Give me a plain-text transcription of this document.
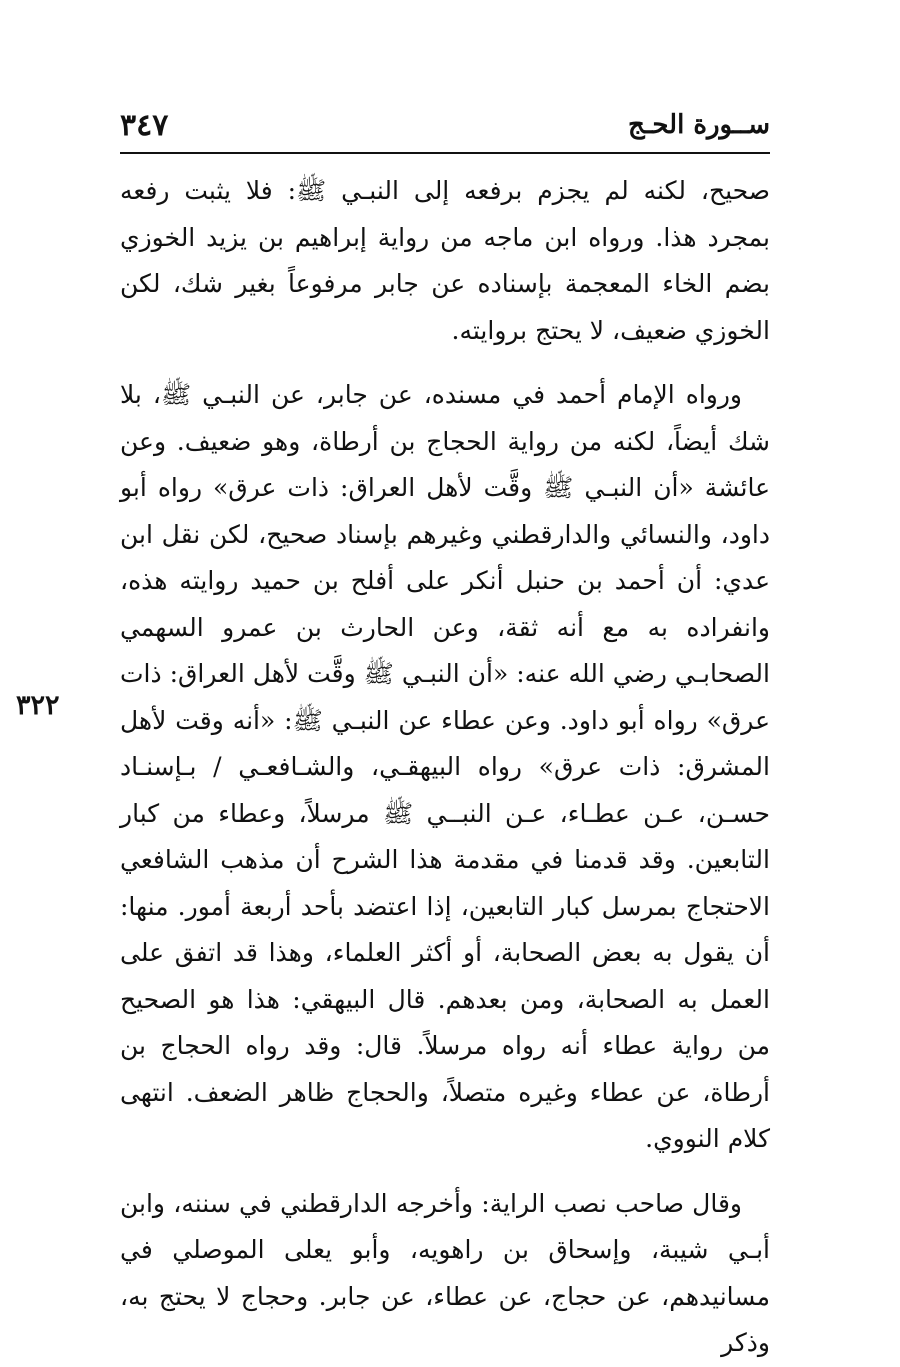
ســورة الحـج
٣٤٧
٣٢٢

صحيح، لكنه لم يجزم برفعه إلى النبـي ﷺ: فلا يثبت رفعه بمجرد هذا. ورواه ابن ماجه من رواية إبراهيم بن يزيد الخوزي بضم الخاء المعجمة بإسناده عن جابر مرفوعاً بغير شك، لكن الخوزي ضعيف، لا يحتج بروايته.

ورواه الإمام أحمد في مسنده، عن جابر، عن النبـي ﷺ، بلا شك أيضاً، لكنه من رواية الحجاج بن أرطاة، وهو ضعيف. وعن عائشة «أن النبـي ﷺ وقَّت لأهل العراق: ذات عرق» رواه أبو داود، والنسائي والدارقطني وغيرهم بإسناد صحيح، لكن نقل ابن عدي: أن أحمد بن حنبل أنكر على أفلح بن حميد روايته هذه، وانفراده به مع أنه ثقة، وعن الحارث بن عمرو السهمي الصحابـي رضي الله عنه: «أن النبـي ﷺ وقَّت لأهل العراق: ذات عرق» رواه أبو داود. وعن عطاء عن النبـي ﷺ: «أنه وقت لأهل المشرق: ذات عرق» رواه البيهقـي، والشـافعـي / بـإسنـاد حسـن، عـن عطـاء، عـن النبــي ﷺ مرسلاً، وعطاء من كبار التابعين. وقد قدمنا في مقدمة هذا الشرح أن مذهب الشافعي الاحتجاج بمرسل كبار التابعين، إذا اعتضد بأحد أربعة أمور. منها: أن يقول به بعض الصحابة، أو أكثر العلماء، وهذا قد اتفق على العمل به الصحابة، ومن بعدهم. قال البيهقي: هذا هو الصحيح من رواية عطاء أنه رواه مرسلاً. قال: وقد رواه الحجاج بن أرطاة، عن عطاء وغيره متصلاً، والحجاج ظاهر الضعف. انتهى كلام النووي.

وقال صاحب نصب الراية: وأخرجه الدارقطني في سننه، وابن أبـي شيبة، وإسحاق بن راهويه، وأبو يعلى الموصلي في مسانيدهم، عن حجاج، عن عطاء، عن جابر. وحجاج لا يحتج به، وذكر
